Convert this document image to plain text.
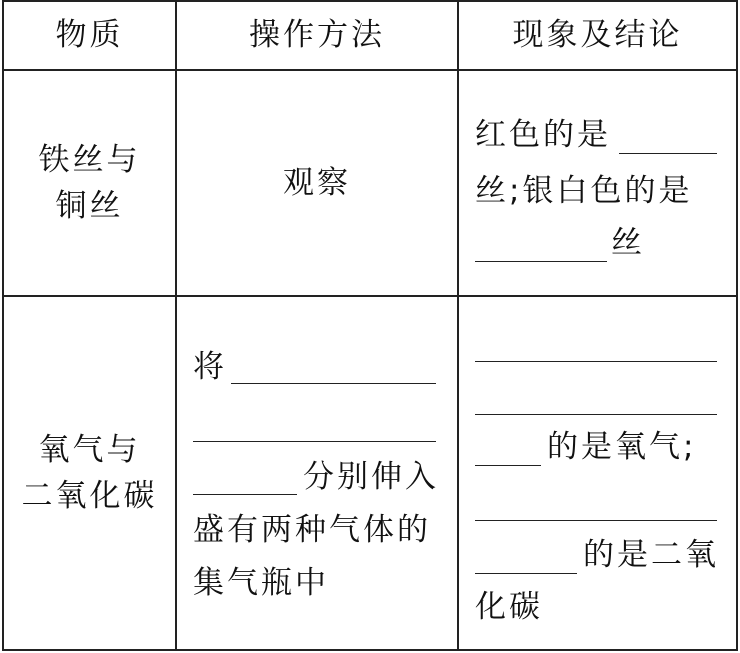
物质	操作方法	现象及结论
铁丝与
铜丝
观察
红色的是
丝;银白色的是
丝
氧气与
二氧化碳
将
分别伸入
盛有两种气体的
集气瓶中
的是氧气;
的是二氧
化碳
